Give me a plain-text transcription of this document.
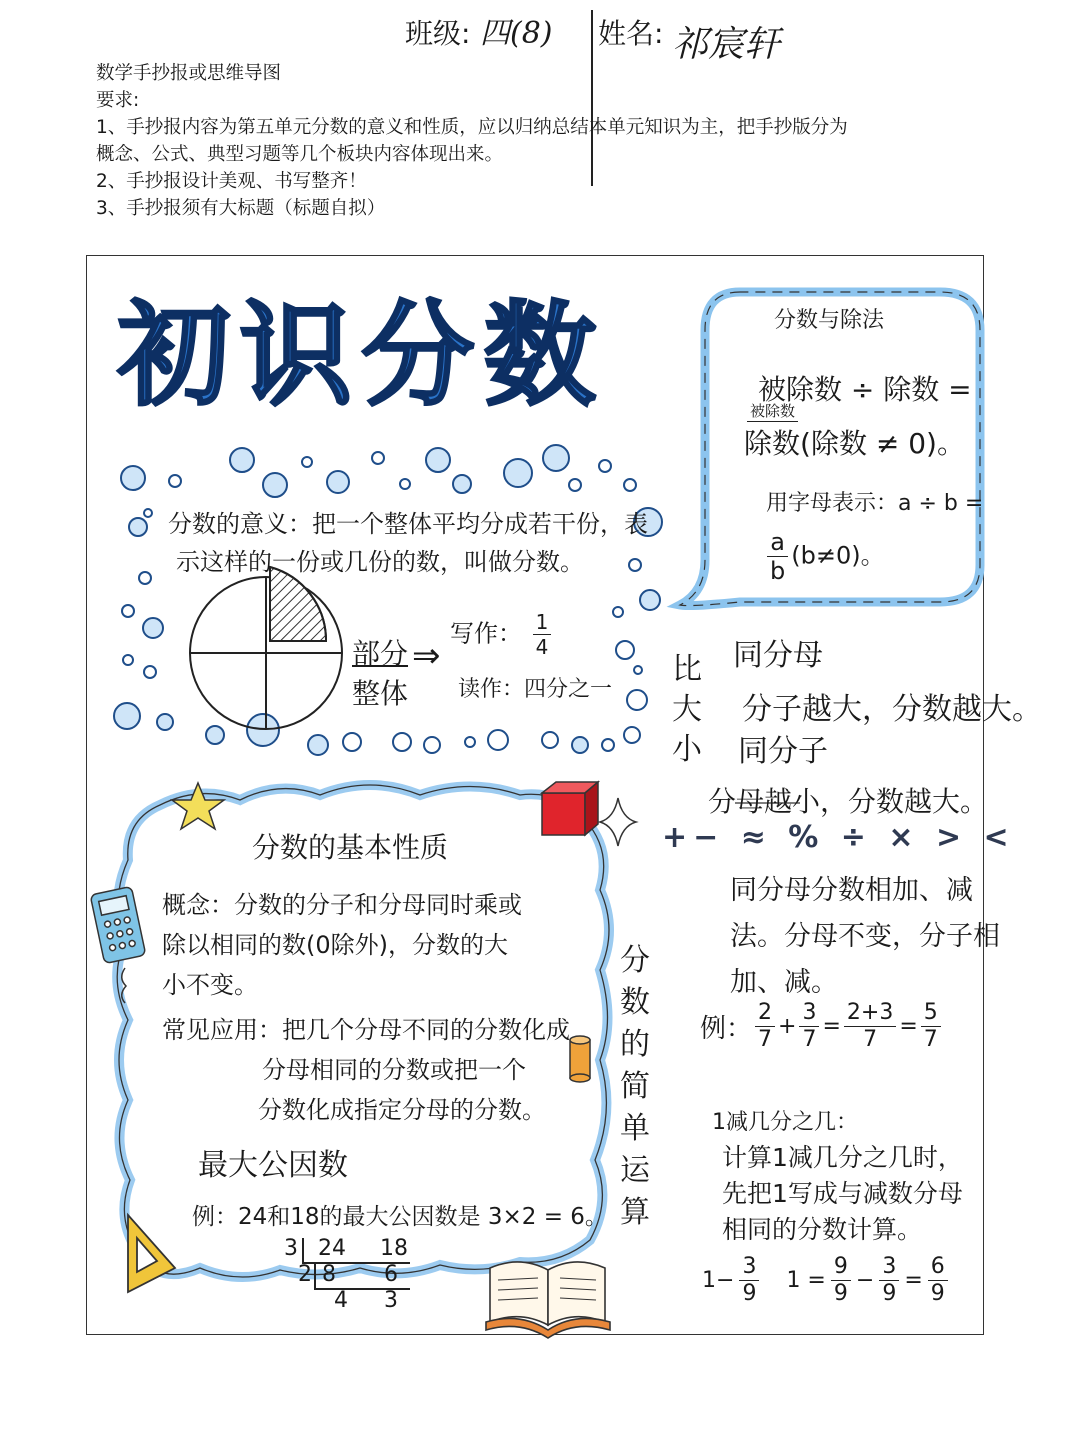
班级: 四(8) 姓名: 祁宸轩
数学手抄报或思维导图
要求:
1、手抄报内容为第五单元分数的意义和性质，应以归纳总结本单元知识为主，把手抄版分为
概念、公式、典型习题等几个板块内容体现出来。
2、手抄报设计美观、书写整齐！
3、手抄报须有大标题（标题自拟）
初识分数	分数与除法
被除数 ÷ 除数 =
被除数
除数(除数 ≠ 0)。
用字母表示：a ÷ b =
$\frac{a}{b} (b\ne 0)$。
分数的意义：把一个整体平均分成若干份，表
示这样的一份或几份的数，叫做分数。
部分
整体
⇒
写作： $\frac{1}{4}$
读作：四分之一
比
大
小
同分母
分子越大，分数越大。
同分子
分母越小，分数越大。
+− ≈ % ÷ × > <
分数的基本性质
概念：分数的分子和分母同时乘或
除以相同的数(0除外)，分数的大
小不变。
常见应用：把几个分母不同的分数化成
分母相同的分数或把一个
分数化成指定分母的分数。
最大公因数
例：24和18的最大公因数是 3×2 = 6。
3 24 18
2 8 6
4 3
分
数
的
简
单
运
算
同分母分数相加、减
法。分母不变，分子相
加、减。
例： $\frac{2}{7} + \frac{3}{7} = \frac{2+3}{7} = \frac{5}{7}$
1减几分之几：
计算1减几分之几时，
先把1写成与减数分母
相同的分数计算。
$1- \frac{3}{9} 1 = \frac{9}{9} - \frac{3}{9} = \frac{6}{9}$
